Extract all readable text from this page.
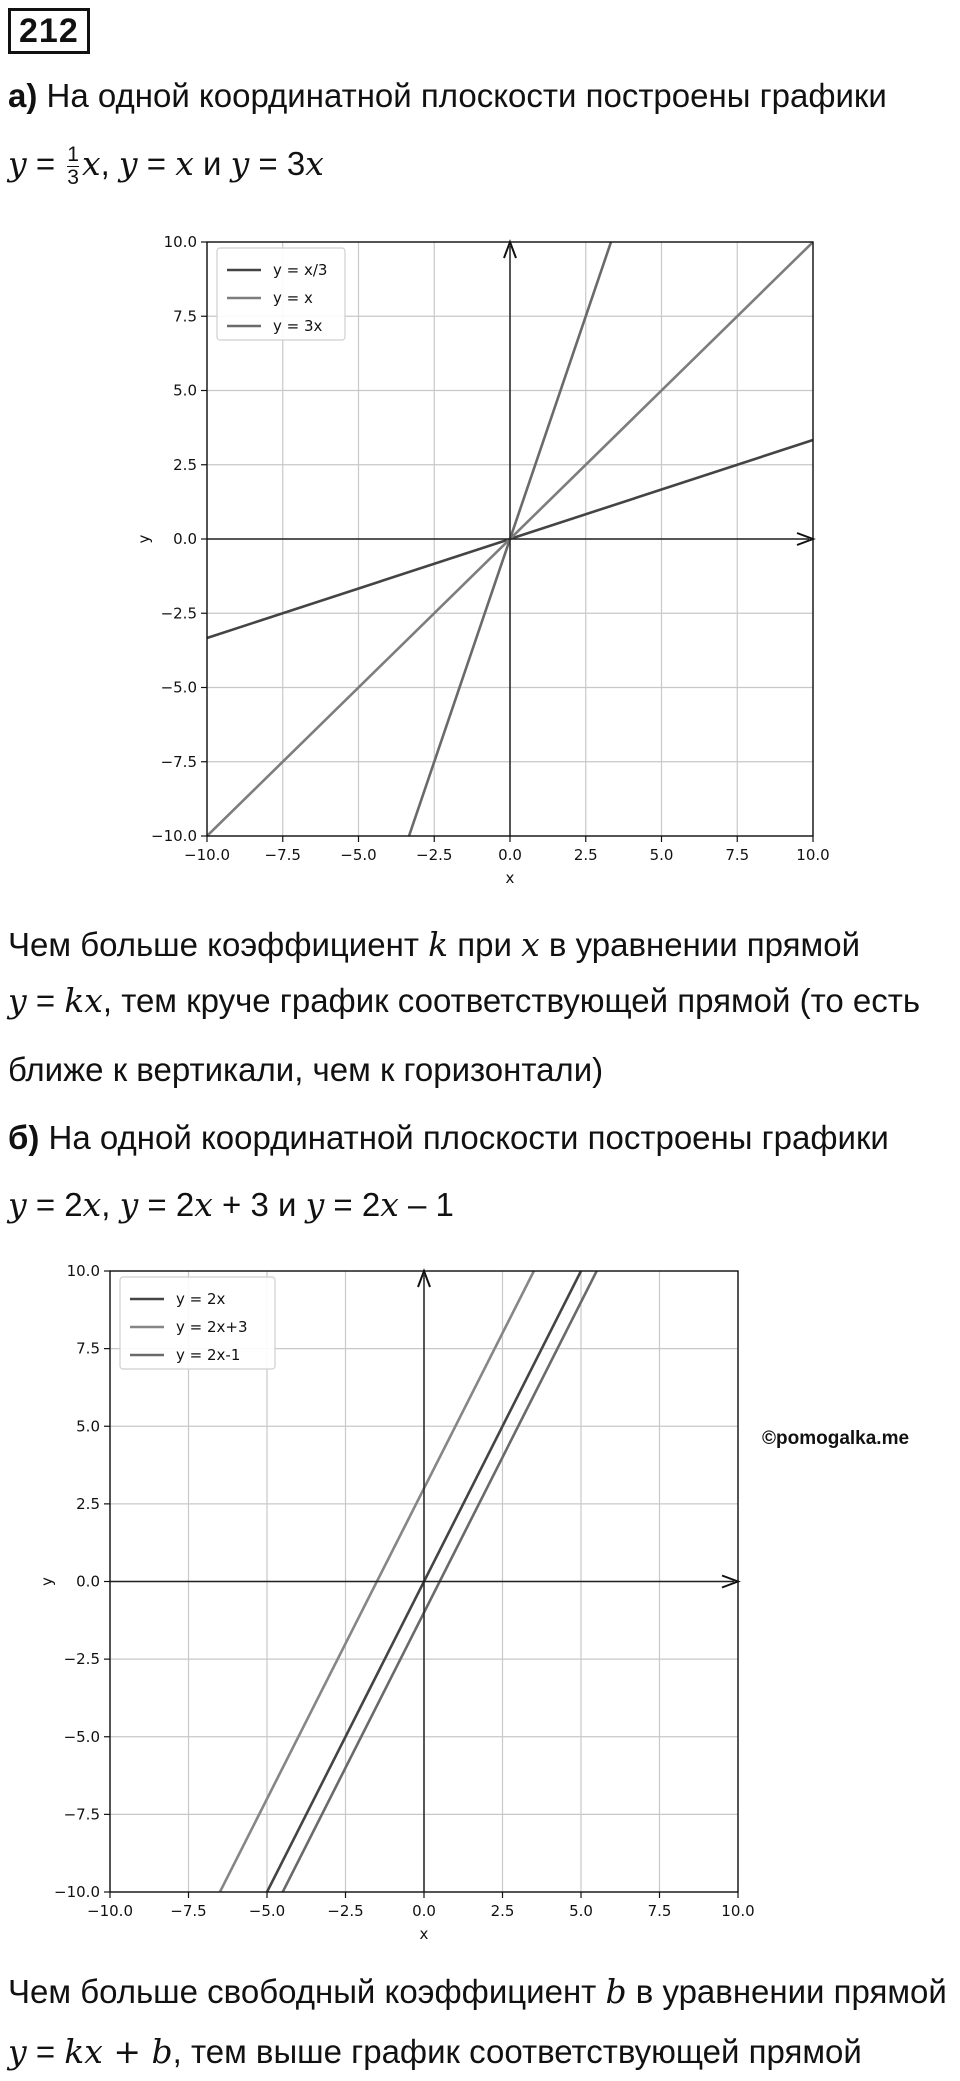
212
а) На одной координатной плоскости построены графики
$y = \frac{1}{3} x$, y = x и y = 3x
−10.0
−10.0
−7.5
−7.5
−5.0
−5.0
−2.5
−2.5
0.0
0.0
2.5
2.5
5.0
5.0
7.5
7.5
10.0
10.0
x
y
y = x/3
y = x
y = 3x
Чем больше коэффициент k при x в уравнении прямой
y = kx, тем круче график соответствующей прямой (то есть
ближе к вертикали, чем к горизонтали)
б) На одной координатной плоскости построены графики
y = 2x, y = 2x + 3 и y = 2x – 1
−10.0
−10.0
−7.5
−7.5
−5.0
−5.0
−2.5
−2.5
0.0
0.0
2.5
2.5
5.0
5.0
7.5
7.5
10.0
10.0
x
y
y = 2x
y = 2x+3
y = 2x-1
©pomogalka.me
Чем больше свободный коэффициент b в уравнении прямой
y = kx + b, тем выше график соответствующей прямой
